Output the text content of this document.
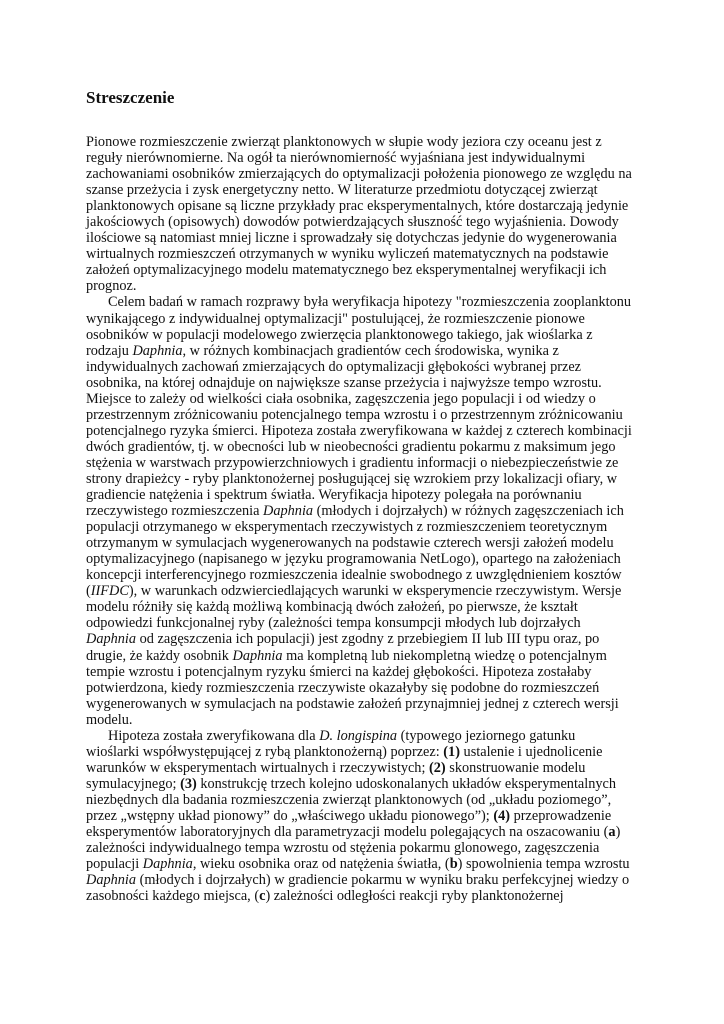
Streszczenie

Pionowe rozmieszczenie zwierząt planktonowych w słupie wody jeziora czy oceanu jest z reguły nierównomierne. Na ogół ta nierównomierność wyjaśniana jest indywidualnymi zachowaniami osobników zmierzających do optymalizacji położenia pionowego ze względu na szanse przeżycia i zysk energetyczny netto. W literaturze przedmiotu dotyczącej zwierząt planktonowych opisane są liczne przykłady prac eksperymentalnych, które dostarczają jedynie jakościowych (opisowych) dowodów potwierdzających słuszność tego wyjaśnienia. Dowody ilościowe są natomiast mniej liczne i sprowadzały się dotychczas jedynie do wygenerowania wirtualnych rozmieszczeń otrzymanych w wyniku wyliczeń matematycznych na podstawie założeń optymalizacyjnego modelu matematycznego bez eksperymentalnej weryfikacji ich prognoz.

Celem badań w ramach rozprawy była weryfikacja hipotezy "rozmieszczenia zooplanktonu wynikającego z indywidualnej optymalizacji" postulującej, że rozmieszczenie pionowe osobników w populacji modelowego zwierzęcia planktonowego takiego, jak wioślarka z rodzaju Daphnia, w różnych kombinacjach gradientów cech środowiska, wynika z indywidualnych zachowań zmierzających do optymalizacji głębokości wybranej przez osobnika, na której odnajduje on największe szanse przeżycia i najwyższe tempo wzrostu. Miejsce to zależy od wielkości ciała osobnika, zagęszczenia jego populacji i od wiedzy o przestrzennym zróżnicowaniu potencjalnego tempa wzrostu i o przestrzennym zróżnicowaniu potencjalnego ryzyka śmierci. Hipoteza została zweryfikowana w każdej z czterech kombinacji dwóch gradientów, tj. w obecności lub w nieobecności gradientu pokarmu z maksimum jego stężenia w warstwach przypowierzchniowych i gradientu informacji o niebezpieczeństwie ze strony drapieżcy - ryby planktonożernej posługującej się wzrokiem przy lokalizacji ofiary, w gradiencie natężenia i spektrum światła. Weryfikacja hipotezy polegała na porównaniu rzeczywistego rozmieszczenia Daphnia (młodych i dojrzałych) w różnych zagęszczeniach ich populacji otrzymanego w eksperymentach rzeczywistych z rozmieszczeniem teoretycznym otrzymanym w symulacjach wygenerowanych na podstawie czterech wersji założeń modelu optymalizacyjnego (napisanego w języku programowania NetLogo), opartego na założeniach koncepcji interferencyjnego rozmieszczenia idealnie swobodnego z uwzględnieniem kosztów (IIFDC), w warunkach odzwierciedlających warunki w eksperymencie rzeczywistym. Wersje modelu różniły się każdą możliwą kombinacją dwóch założeń, po pierwsze, że kształt odpowiedzi funkcjonalnej ryby (zależności tempa konsumpcji młodych lub dojrzałych Daphnia od zagęszczenia ich populacji) jest zgodny z przebiegiem II lub III typu oraz, po drugie, że każdy osobnik Daphnia ma kompletną lub niekompletną wiedzę o potencjalnym tempie wzrostu i potencjalnym ryzyku śmierci na każdej głębokości. Hipoteza zostałaby potwierdzona, kiedy rozmieszczenia rzeczywiste okazałyby się podobne do rozmieszczeń wygenerowanych w symulacjach na podstawie założeń przynajmniej jednej z czterech wersji modelu.

Hipoteza została zweryfikowana dla D. longispina (typowego jeziornego gatunku wioślarki współwystępującej z rybą planktonożerną) poprzez: (1) ustalenie i ujednolicenie warunków w eksperymentach wirtualnych i rzeczywistych; (2) skonstruowanie modelu symulacyjnego; (3) konstrukcję trzech kolejno udoskonalanych układów eksperymentalnych niezbędnych dla badania rozmieszczenia zwierząt planktonowych (od „układu poziomego”, przez „wstępny układ pionowy” do „właściwego układu pionowego”); (4) przeprowadzenie eksperymentów laboratoryjnych dla parametryzacji modelu polegających na oszacowaniu (a) zależności indywidualnego tempa wzrostu od stężenia pokarmu glonowego, zagęszczenia populacji Daphnia, wieku osobnika oraz od natężenia światła, (b) spowolnienia tempa wzrostu Daphnia (młodych i dojrzałych) w gradiencie pokarmu w wyniku braku perfekcyjnej wiedzy o zasobności każdego miejsca, (c) zależności odległości reakcji ryby planktonożernej
